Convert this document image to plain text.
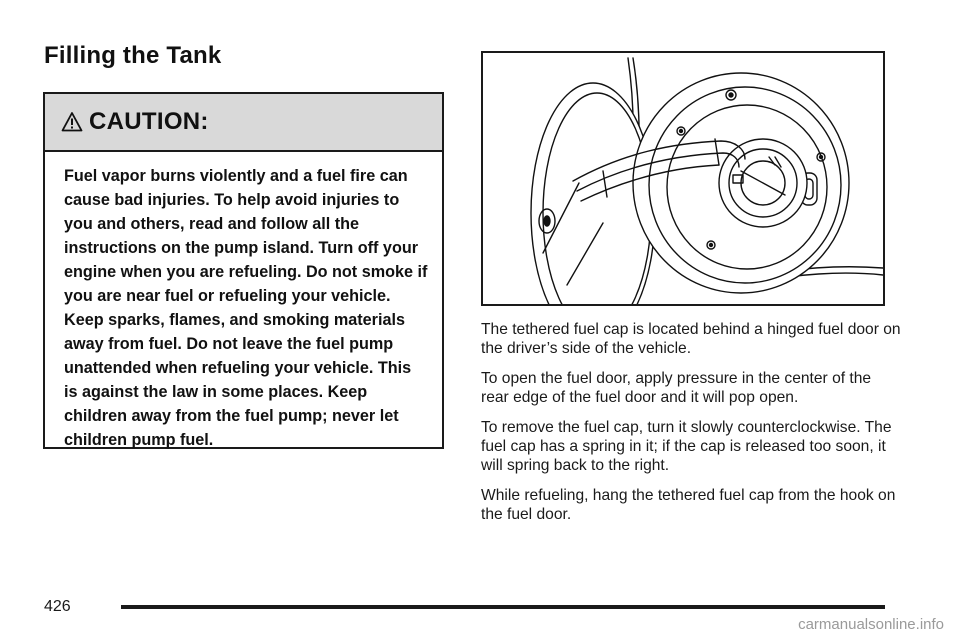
Filling the Tank
CAUTION:

Fuel vapor burns violently and a fuel fire can cause bad injuries. To help avoid injuries to you and others, read and follow all the instructions on the pump island. Turn off your engine when you are refueling. Do not smoke if you are near fuel or refueling your vehicle. Keep sparks, flames, and smoking materials away from fuel. Do not leave the fuel pump unattended when refueling your vehicle. This is against the law in some places. Keep children away from the fuel pump; never let children pump fuel.

The tethered fuel cap is located behind a hinged fuel door on the driver’s side of the vehicle.

To open the fuel door, apply pressure in the center of the rear edge of the fuel door and it will pop open.

To remove the fuel cap, turn it slowly counterclockwise. The fuel cap has a spring in it; if the cap is released too soon, it will spring back to the right.

While refueling, hang the tethered fuel cap from the hook on the fuel door.

426
carmanualsonline.info
